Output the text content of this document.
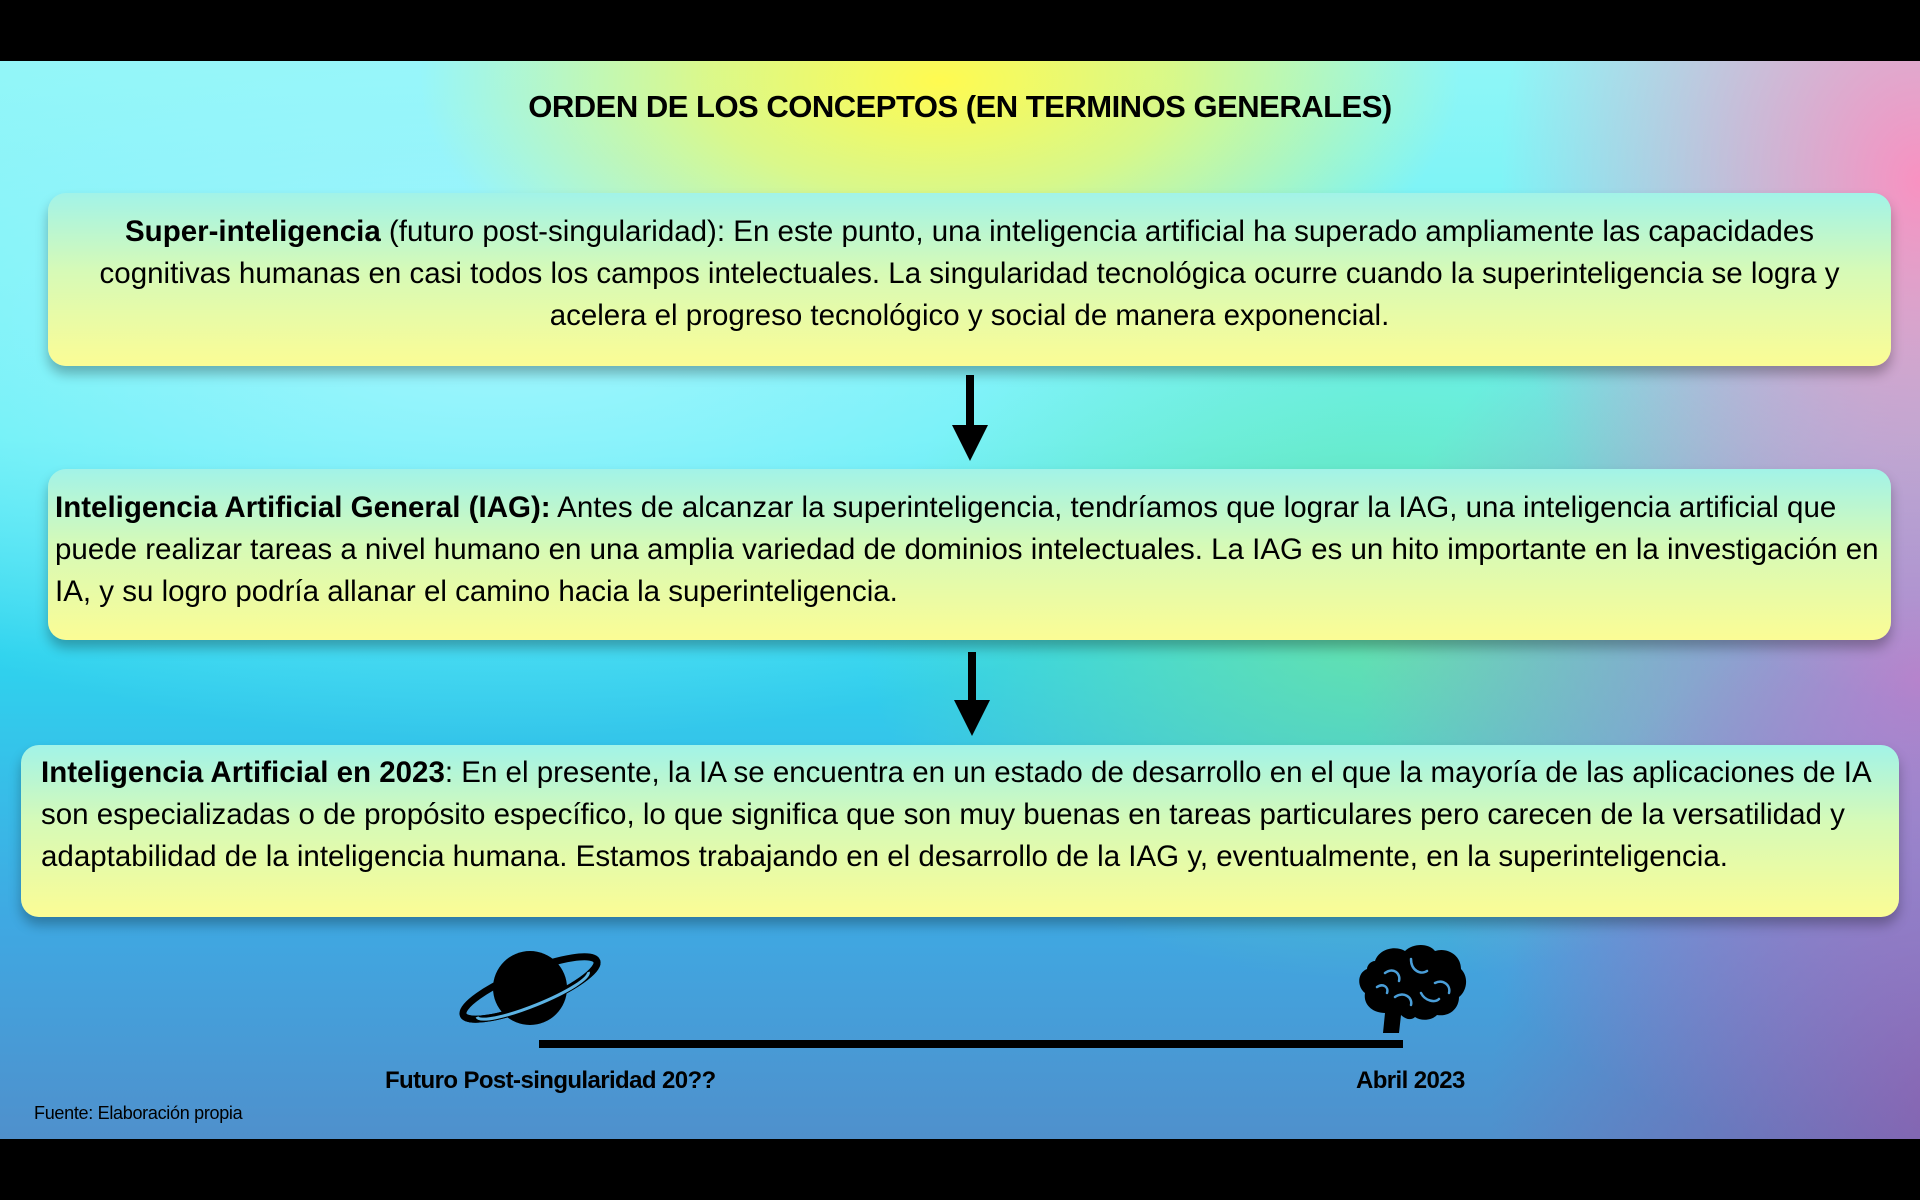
ORDEN DE LOS CONCEPTOS (EN TERMINOS GENERALES)
Super-inteligencia (futuro post-singularidad): En este punto, una inteligencia artificial ha superado ampliamente las capacidades cognitivas humanas en casi todos los campos intelectuales. La singularidad tecnológica ocurre cuando la superinteligencia se logra y acelera el progreso tecnológico y social de manera exponencial.
Inteligencia Artificial General (IAG): Antes de alcanzar la superinteligencia, tendríamos que lograr la IAG, una inteligencia artificial que puede realizar tareas a nivel humano en una amplia variedad de dominios intelectuales. La IAG es un hito importante en la investigación en IA, y su logro podría allanar el camino hacia la superinteligencia.
Inteligencia Artificial en 2023: En el presente, la IA se encuentra en un estado de desarrollo en el que la mayoría de las aplicaciones de IA son especializadas o de propósito específico, lo que significa que son muy buenas en tareas particulares pero carecen de la versatilidad y adaptabilidad de la inteligencia humana. Estamos trabajando en el desarrollo de la IAG y, eventualmente, en la superinteligencia.
Futuro Post-singularidad 20??	Abril 2023
Fuente: Elaboración propia
